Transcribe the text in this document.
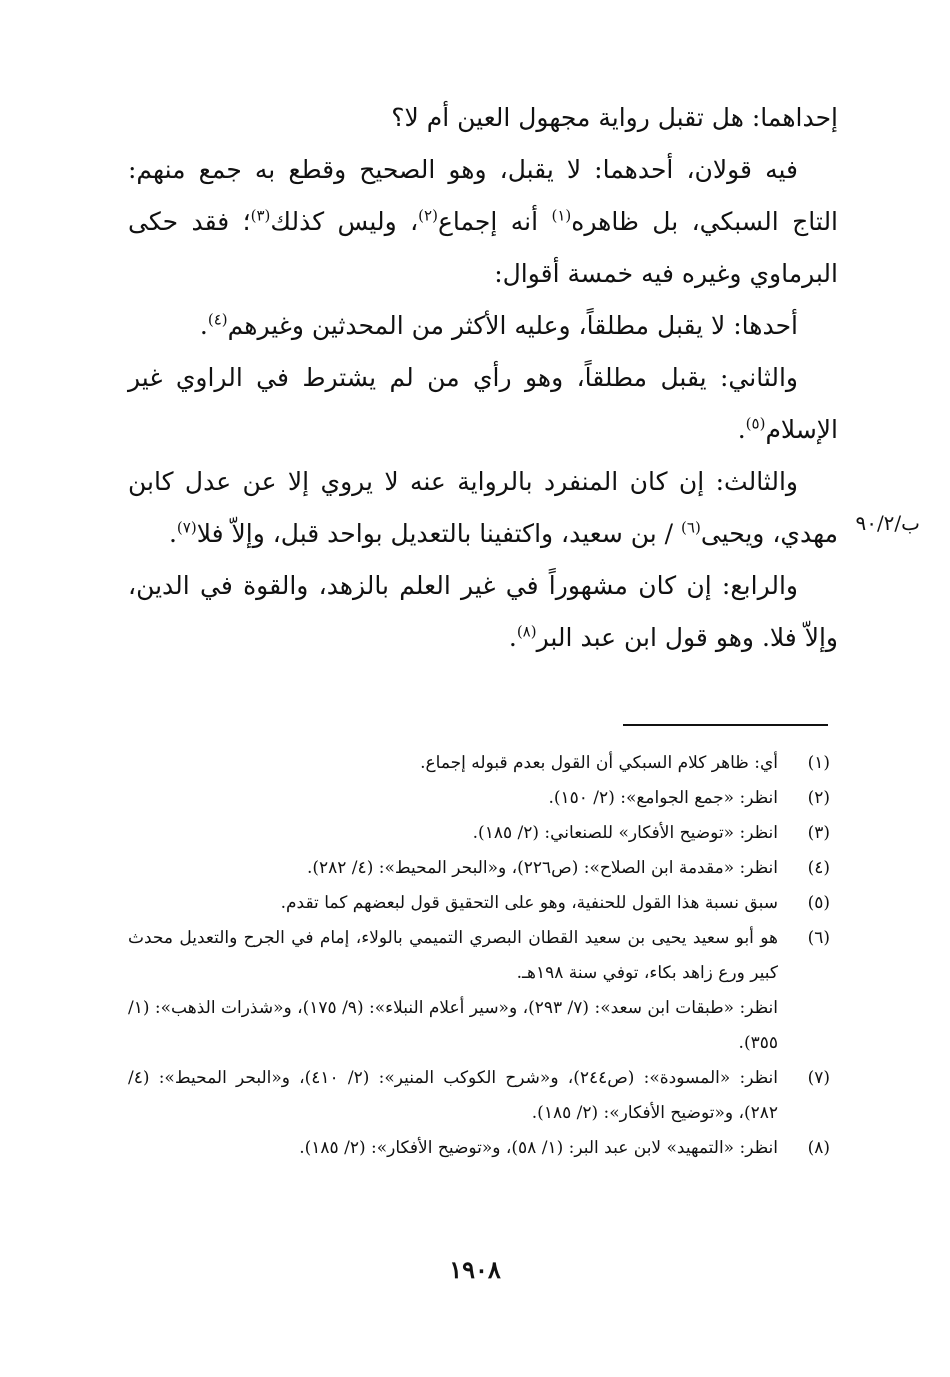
إحداهما: هل تقبل رواية مجهول العين أم لا؟

فيه قولان، أحدهما: لا يقبل، وهو الصحيح وقطع به جمع منهم: التاج السبكي، بل ظاهره$^{(١)}$ أنه إجماع$^{(٢)}$، وليس كذلك$^{(٣)}$؛ فقد حكى البرماوي وغيره فيه خمسة أقوال:

أحدها: لا يقبل مطلقاً، وعليه الأكثر من المحدثين وغيرهم$^{(٤)}$.

والثاني: يقبل مطلقاً، وهو رأي من لم يشترط في الراوي غير الإسلام$^{(٥)}$.

والثالث: إن كان المنفرد بالرواية عنه لا يروي إلا عن عدل كابن مهدي، ويحيى$^{(٦)}$ / بن سعيد، واكتفينا بالتعديل بواحد قبل، وإلاّ فلا$^{(٧)}$.

والرابع: إن كان مشهوراً في غير العلم بالزهد، والقوة في الدين، وإلاّ فلا. وهو قول ابن عبد البر$^{(٨)}$.

ب/٩٠/٢
(١)

أي: ظاهر كلام السبكي أن القول بعدم قبوله إجماع.

(٢)

انظر: «جمع الجوامع»: (٢/ ١٥٠).

(٣)

انظر: «توضيح الأفكار» للصنعاني: (٢/ ١٨٥).

(٤)

انظر: «مقدمة ابن الصلاح»: (ص٢٢٦)، و«البحر المحيط»: (٤/ ٢٨٢).

(٥)

سبق نسبة هذا القول للحنفية، وهو على التحقيق قول لبعضهم كما تقدم.

(٦)

هو أبو سعيد يحيى بن سعيد القطان البصري التميمي بالولاء، إمام في الجرح والتعديل محدث كبير ورع زاهد بكاء، توفي سنة ١٩٨هـ.

انظر: «طبقات ابن سعد»: (٧/ ٢٩٣)، و«سير أعلام النبلاء»: (٩/ ١٧٥)، و«شذرات الذهب»: (١/ ٣٥٥).

(٧)

انظر: «المسودة»: (ص٢٤٤)، و«شرح الكوكب المنير»: (٢/ ٤١٠)، و«البحر المحيط»: (٤/ ٢٨٢)، و«توضيح الأفكار»: (٢/ ١٨٥).

(٨)

انظر: «التمهيد» لابن عبد البر: (١/ ٥٨)، و«توضيح الأفكار»: (٢/ ١٨٥).

١٩٠٨
